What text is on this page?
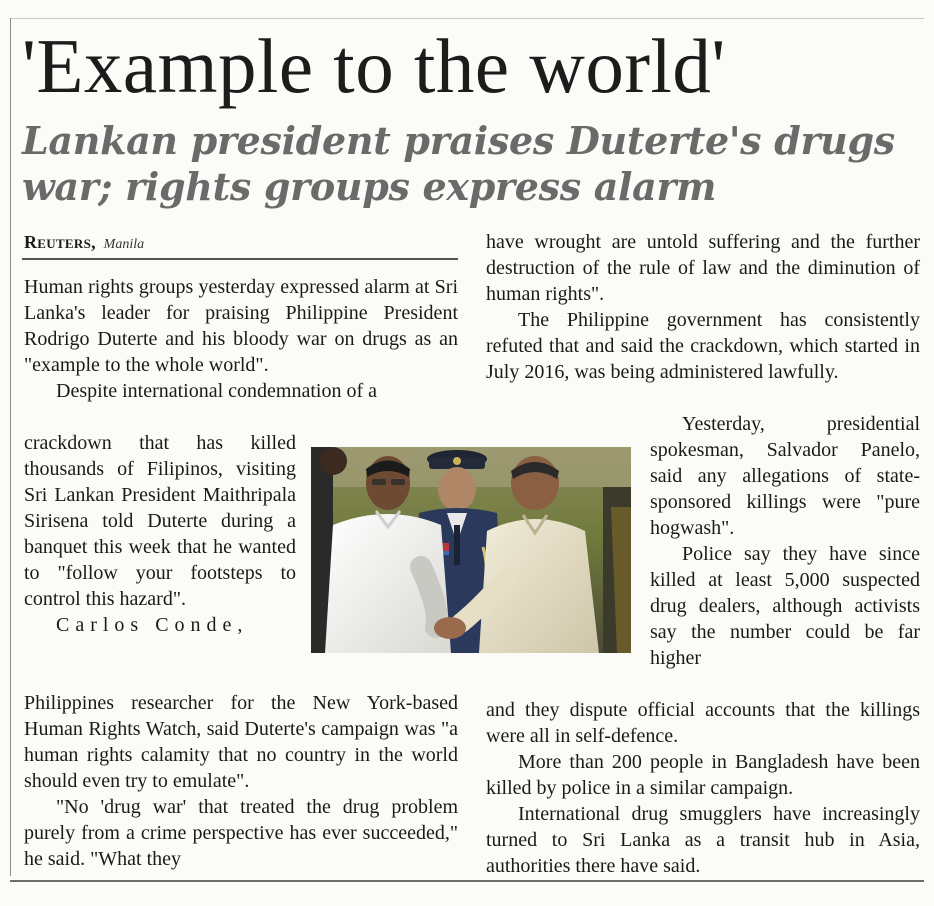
'Example to the world'
Lankan president praises Duterte's drugs war; rights groups express alarm
Reuters, Manila

Human rights groups yesterday expressed alarm at Sri Lanka's leader for praising Philippine President Rodrigo Duterte and his bloody war on drugs as an "example to the whole world".

Despite international condemnation of a

crackdown that has killed thousands of Filipinos, visiting Sri Lankan President Maithripala Sirisena told Duterte during a banquet this week that he wanted to "follow your footsteps to control this hazard".

Carlos Conde,

Philippines researcher for the New York-based Human Rights Watch, said Duterte's campaign was "a human rights calamity that no country in the world should even try to emulate".

"No 'drug war' that treated the drug problem purely from a crime perspective has ever succeeded," he said. "What they

have wrought are untold suffering and the further destruction of the rule of law and the diminution of human rights".

The Philippine government has consistently refuted that and said the crackdown, which started in July 2016, was being administered lawfully.

Yesterday, presidential spokesman, Salvador Panelo, said any allegations of state-sponsored killings were "pure hogwash".

Police say they have since killed at least 5,000 suspected drug dealers, although activists say the number could be far higher

and they dispute official accounts that the killings were all in self-defence.

More than 200 people in Bangladesh have been killed by police in a similar campaign.

International drug smugglers have increasingly turned to Sri Lanka as a transit hub in Asia, authorities there have said.
